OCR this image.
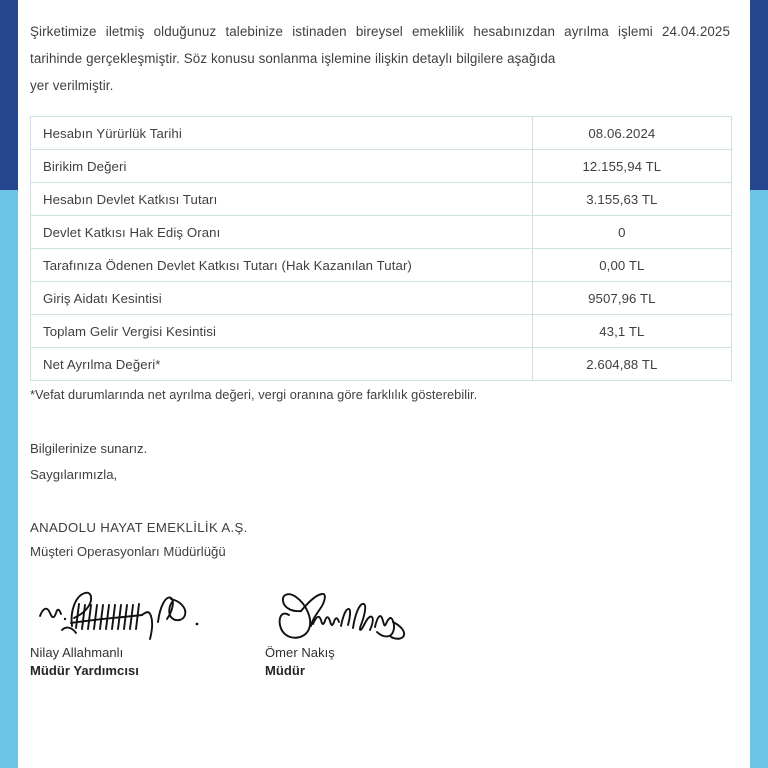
Şirketimize iletmiş olduğunuz talebinize istinaden bireysel emeklilik hesabınızdan ayrılma işlemi 24.04.2025 tarihinde gerçekleşmiştir. Söz konusu sonlanma işlemine ilişkin detaylı bilgilere aşağıda
yer verilmiştir.

Hesabın Yürürlük Tarihi	08.06.2024
Birikim Değeri	12.155,94 TL
Hesabın Devlet Katkısı Tutarı	3.155,63 TL
Devlet Katkısı Hak Ediş Oranı	0
Tarafınıza Ödenen Devlet Katkısı Tutarı (Hak Kazanılan Tutar)	0,00 TL
Giriş Aidatı Kesintisi	9507,96 TL
Toplam Gelir Vergisi Kesintisi	43,1 TL
Net Ayrılma Değeri*	2.604,88 TL
*Vefat durumlarında net ayrılma değeri, vergi oranına göre farklılık gösterebilir.
Bilgilerinize sunarız.
Saygılarımızla,
ANADOLU HAYAT EMEKLİLİK A.Ş.
Müşteri Operasyonları Müdürlüğü
Nilay Allahmanlı
Müdür Yardımcısı
Ömer Nakış
Müdür
